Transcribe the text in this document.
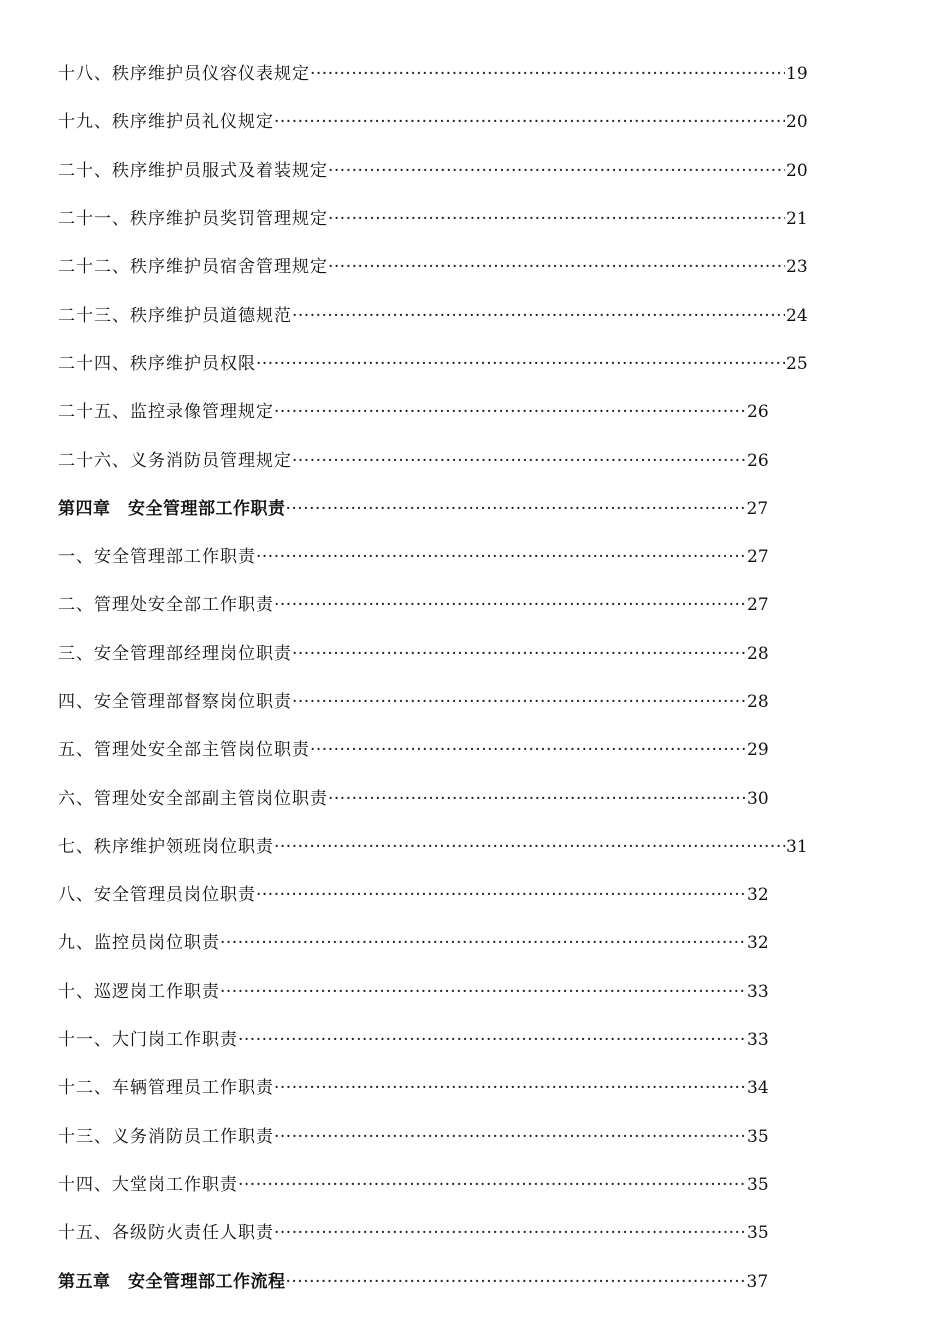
十八、秩序维护员仪容仪表规定 ·····	19
十九、秩序维护员礼仪规定 ·····	20
二十、秩序维护员服式及着装规定 ·····	20
二十一、秩序维护员奖罚管理规定 ·····	21
二十二、秩序维护员宿舍管理规定 ·····	23
二十三、秩序维护员道德规范 ·····	24
二十四、秩序维护员权限 ·····	25
二十五、监控录像管理规定 ·····	26
二十六、义务消防员管理规定 ·····	26
第四章　安全管理部工作职责 ·····	27
一、安全管理部工作职责 ·····	27
二、管理处安全部工作职责 ·····	27
三、安全管理部经理岗位职责 ·····	28
四、安全管理部督察岗位职责 ·····	28
五、管理处安全部主管岗位职责 ·····	29
六、管理处安全部副主管岗位职责 ·····	30
七、秩序维护领班岗位职责 ·····	31
八、安全管理员岗位职责 ·····	32
九、监控员岗位职责 ·····	32
十、巡逻岗工作职责 ·····	33
十一、大门岗工作职责 ·····	33
十二、车辆管理员工作职责 ·····	34
十三、义务消防员工作职责 ·····	35
十四、大堂岗工作职责 ·····	35
十五、各级防火责任人职责 ·····	35
第五章　安全管理部工作流程 ·····	37
